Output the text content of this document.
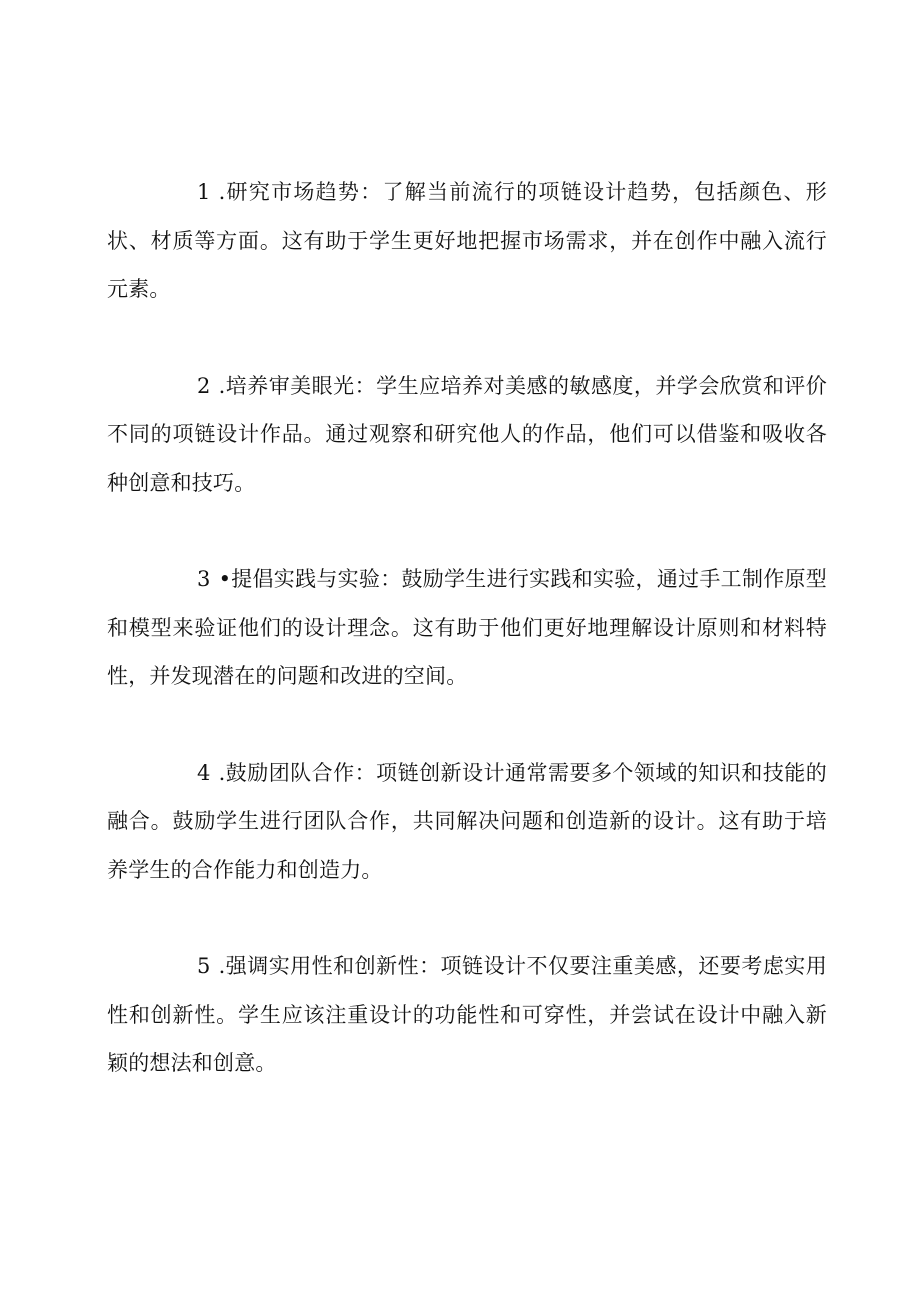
1 .研究市场趋势：了解当前流行的项链设计趋势，包括颜色、形状、材质等方面。这有助于学生更好地把握市场需求，并在创作中融入流行元素。

2 .培养审美眼光：学生应培养对美感的敏感度，并学会欣赏和评价不同的项链设计作品。通过观察和研究他人的作品，他们可以借鉴和吸收各种创意和技巧。

3 •提倡实践与实验：鼓励学生进行实践和实验，通过手工制作原型和模型来验证他们的设计理念。这有助于他们更好地理解设计原则和材料特性，并发现潜在的问题和改进的空间。

4 .鼓励团队合作：项链创新设计通常需要多个领域的知识和技能的融合。鼓励学生进行团队合作，共同解决问题和创造新的设计。这有助于培养学生的合作能力和创造力。

5 .强调实用性和创新性：项链设计不仅要注重美感，还要考虑实用性和创新性。学生应该注重设计的功能性和可穿性，并尝试在设计中融入新颖的想法和创意。
